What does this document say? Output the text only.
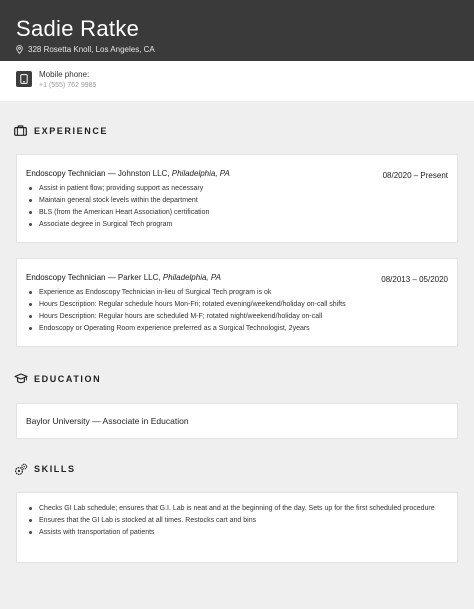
Sadie Ratke
328 Rosetta Knoll, Los Angeles, CA
Mobile phone:
+1 (555) 762 9985
EXPERIENCE
Endoscopy Technician — Johnston LLC, Philadelphia, PA	08/2020 – Present
Assist in patient flow; providing support as necessary
Maintain general stock levels within the department
BLS (from the American Heart Association) certification
Associate degree in Surgical Tech program
Endoscopy Technician — Parker LLC, Philadelphia, PA	08/2013 – 05/2020
Experience as Endoscopy Technician in-lieu of Surgical Tech program is ok
Hours Description: Regular schedule hours Mon-Fri; rotated evening/weekend/holiday on-call shifts
Hours Description: Regular hours are scheduled M-F; rotated night/weekend/holiday on-call
Endoscopy or Operating Room experience preferred as a Surgical Technologist, 2years
EDUCATION
Baylor University — Associate in Education
SKILLS
Checks GI Lab schedule; ensures that G.I. Lab is neat and at the beginning of the day. Sets up for the first scheduled procedure
Ensures that the GI Lab is stocked at all times. Restocks cart and bins
Assists with transportation of patients
